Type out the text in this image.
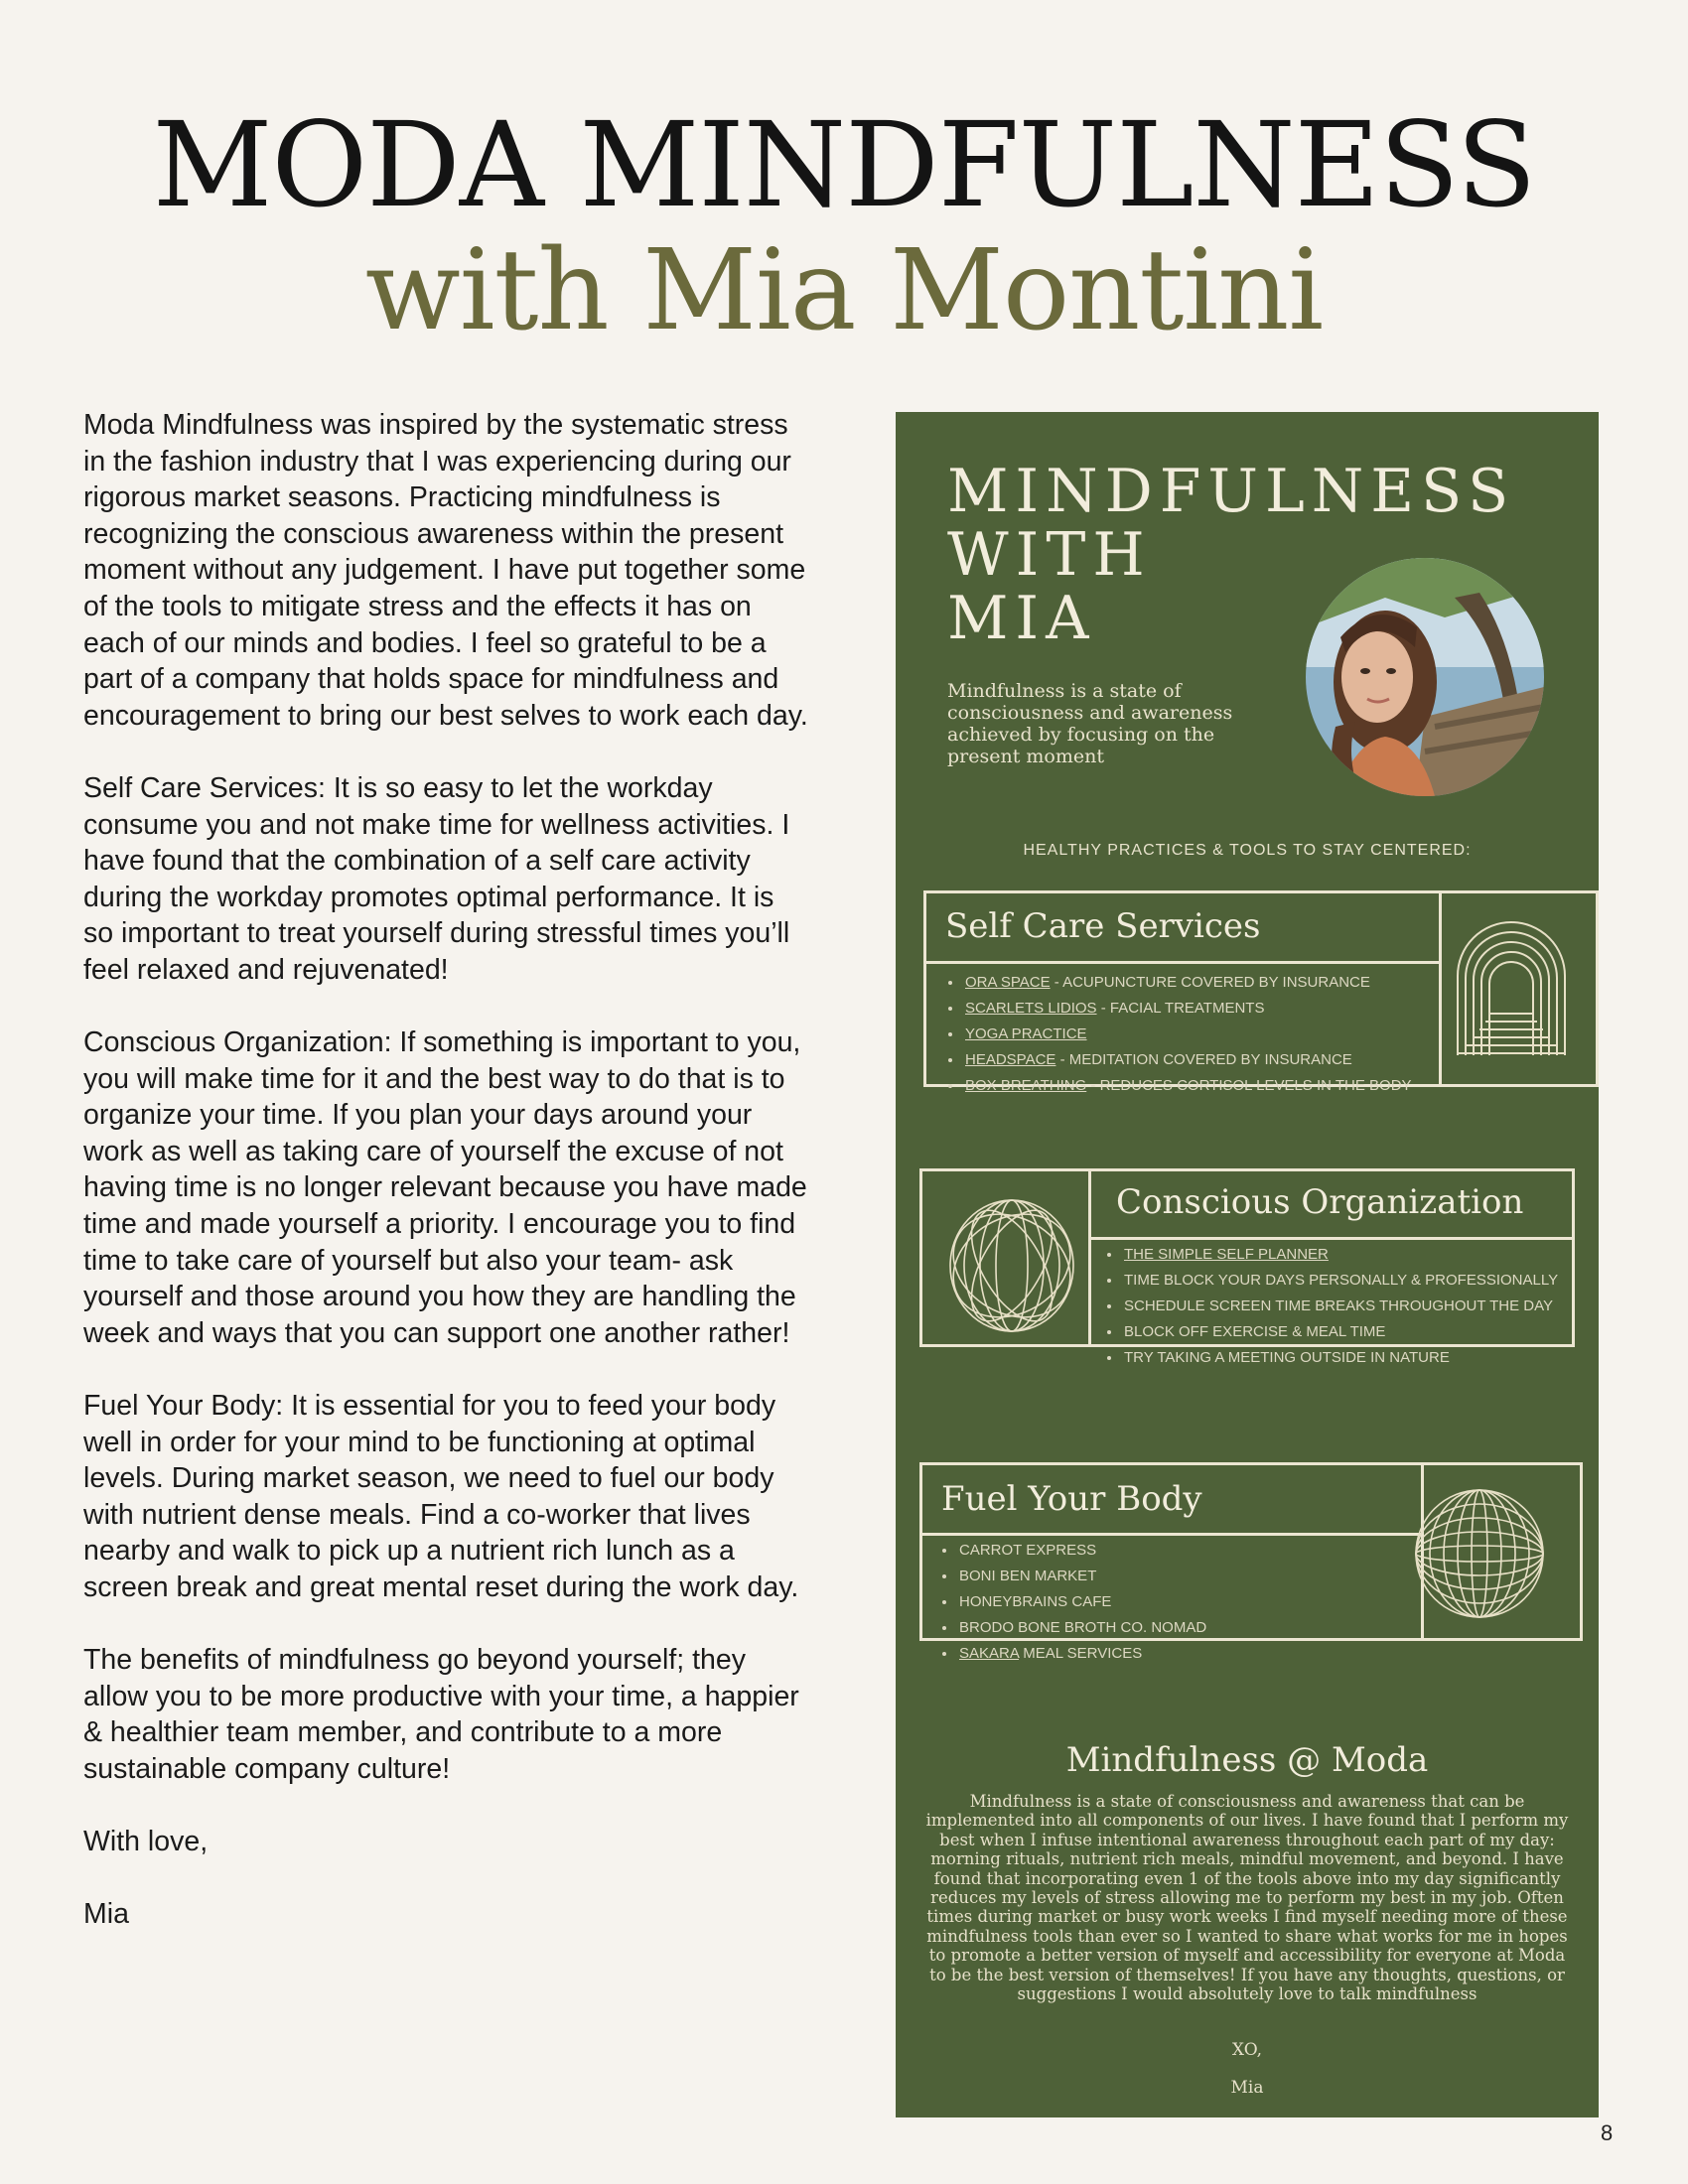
MODA MINDFULNESS
with Mia Montini

Moda Mindfulness was inspired by the systematic stress in the fashion industry that I was experiencing during our rigorous market seasons. Practicing mindfulness is recognizing the conscious awareness within the present moment without any judgement. I have put together some of the tools to mitigate stress and the effects it has on each of our minds and bodies. I feel so grateful to be a part of a company that holds space for mindfulness and encouragement to bring our best selves to work each day.

Self Care Services: It is so easy to let the workday consume you and not make time for wellness activities. I have found that the combination of a self care activity during the workday promotes optimal performance. It is so important to treat yourself during stressful times you’ll feel relaxed and rejuvenated!

Conscious Organization: If something is important to you, you will make time for it and the best way to do that is to organize your time. If you plan your days around your work as well as taking care of yourself the excuse of not having time is no longer relevant because you have made time and made yourself a priority. I encourage you to find time to take care of yourself but also your team- ask yourself and those around you how they are handling the week and ways that you can support one another rather!

Fuel Your Body: It is essential for you to feed your body well in order for your mind to be functioning at optimal levels. During market season, we need to fuel our body with nutrient dense meals. Find a co-worker that lives nearby and walk to pick up a nutrient rich lunch as a screen break and great mental reset during the work day.

The benefits of mindfulness go beyond yourself; they allow you to be more productive with your time, a happier & healthier team member, and contribute to a more sustainable company culture!

With love,

Mia

MINDFULNESS
WITH
MIA
Mindfulness is a state of consciousness and awareness achieved by focusing on the present moment
HEALTHY PRACTICES & TOOLS TO STAY CENTERED:
Self Care Services
• ORA SPACE - ACUPUNCTURE COVERED BY INSURANCE
• SCARLETS LIDIOS - FACIAL TREATMENTS
• YOGA PRACTICE
• HEADSPACE - MEDITATION COVERED BY INSURANCE
• BOX BREATHING - REDUCES CORTISOL LEVELS IN THE BODY
Conscious Organization
• THE SIMPLE SELF PLANNER
• TIME BLOCK YOUR DAYS PERSONALLY & PROFESSIONALLY
• SCHEDULE SCREEN TIME BREAKS THROUGHOUT THE DAY
• BLOCK OFF EXERCISE & MEAL TIME
• TRY TAKING A MEETING OUTSIDE IN NATURE
Fuel Your Body
• CARROT EXPRESS
• BONI BEN MARKET
• HONEYBRAINS CAFE
• BRODO BONE BROTH CO. NOMAD
• SAKARA MEAL SERVICES
Mindfulness @ Moda
Mindfulness is a state of consciousness and awareness that can be implemented into all components of our lives. I have found that I perform my best when I infuse intentional awareness throughout each part of my day: morning rituals, nutrient rich meals, mindful movement, and beyond. I have found that incorporating even 1 of the tools above into my day significantly reduces my levels of stress allowing me to perform my best in my job. Often times during market or busy work weeks I find myself needing more of these mindfulness tools than ever so I wanted to share what works for me in hopes to promote a better version of myself and accessibility for everyone at Moda to be the best version of themselves! If you have any thoughts, questions, or suggestions I would absolutely love to talk mindfulness
XO,
Mia
8
